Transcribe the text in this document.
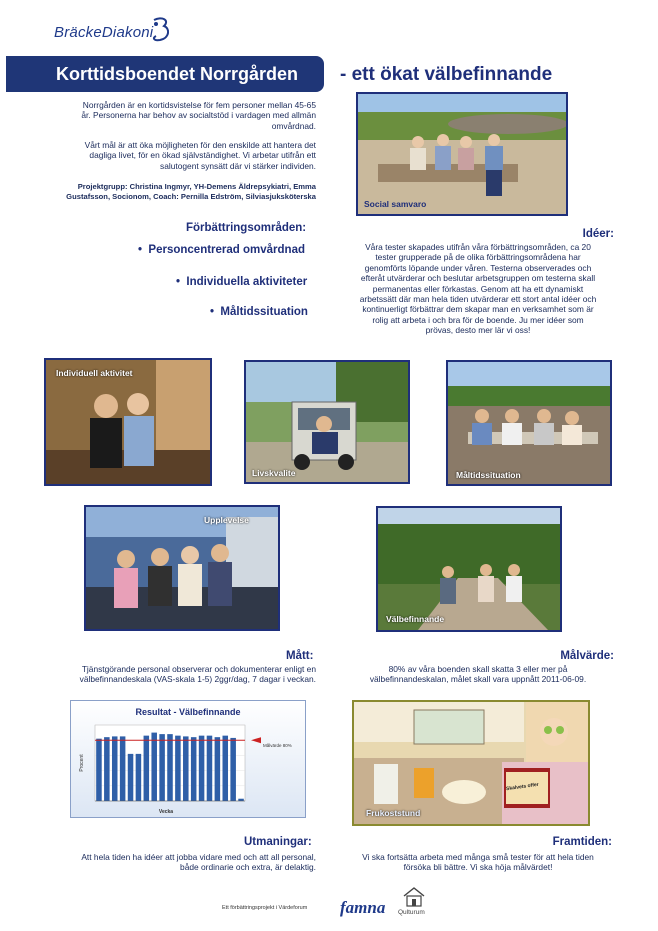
BräckeDiakoni
Korttidsboendet Norrgården - ett ökat välbefinnande
Norrgården är en kortidsvistelse för fem personer mellan 45-65
år. Personerna har behov av socialtstöd i vardagen med allmän
omvårdnad.
Vårt mål är att öka möjligheten för den enskilde att hantera det
dagliga livet, för en ökad självständighet. Vi arbetar utifrån ett
salutogent synsätt där vi stärker individen.
Projektgrupp: Christina Ingmyr, YH-Demens Äldrepsykiatri, Emma
Gustafsson, Socionom, Coach: Pernilla Edström, Silviasjuksköterska
Förbättringsområden:
•  Personcentrerad omvårdnad
•  Individuella aktiviteter
•  Måltidssituation
Social samvaro
Idéer:
Våra tester skapades utifrån våra förbättringsområden, ca 20
tester grupperade på de olika förbättringsområdena har
genomförts löpande under våren. Testerna observerades och
efteråt utvärderar och beslutar arbetsgruppen om testerna skall
permanentas eller förkastas. Genom att ha ett dynamiskt
arbetssätt där man hela tiden utvärderar ett stort antal idéer och
kontinuerligt förbättrar dem skapar man en verksamhet som är
rolig att arbeta i och bra för de boende. Ju mer idéer som
prövas, desto mer lär vi oss!
Individuell aktivitet
Livskvalite	Måltidssituation
Upplevelse
Välbefinnande
Mått:
Tjänstgörande personal observerar och dokumenterar enligt en
välbefinnandeskala (VAS-skala 1-5) 2ggr/dag, 7 dagar i veckan.
Målvärde:
80% av våra boenden skall skatta 3 eller mer på
välbefinnandeskalan, målet skall vara uppnått 2011-06-09.
Resultat - Välbefinnande
Procent
Vecka
Målvärde 80%
Frukoststund
Skalvets offer
Utmaningar:
Att hela tiden ha idéer att jobba vidare med och att all personal,
både ordinarie och extra, är delaktig.
Framtiden:
Vi ska fortsätta arbeta med många små tester för att hela tiden
försöka bli bättre. Vi ska höja målvärdet!
Ett förbättringsprojekt i Värdeforum famna Qulturum
